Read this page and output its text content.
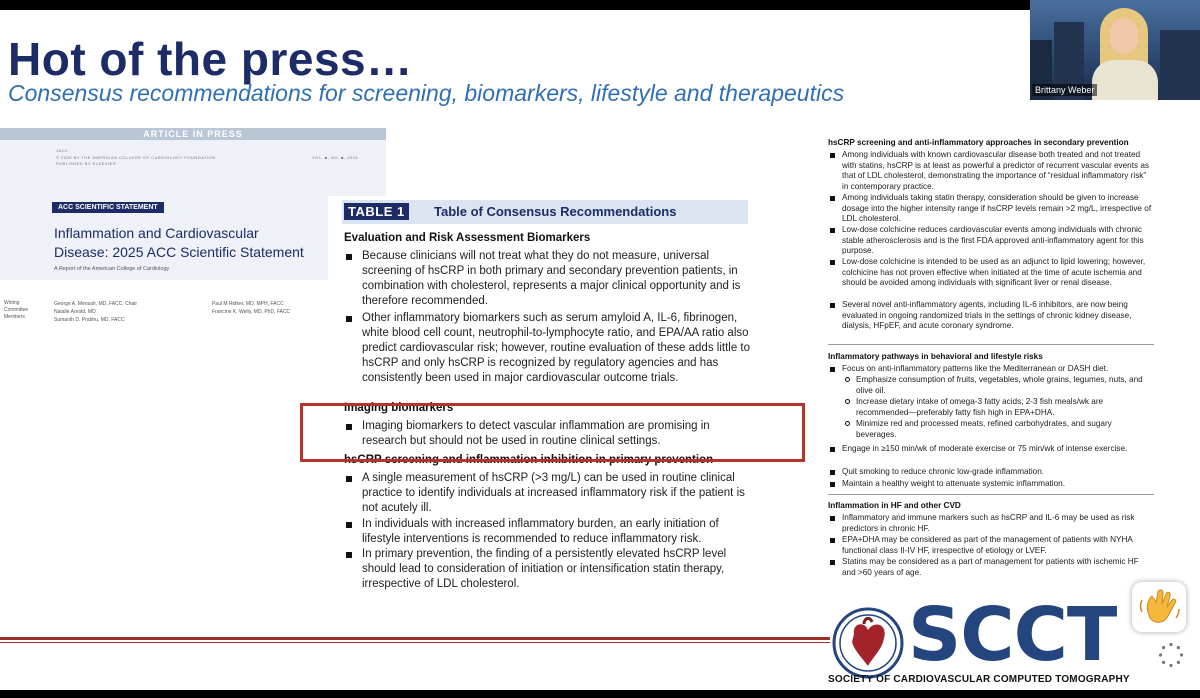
Hot of the press…
Consensus recommendations for screening, biomarkers, lifestyle and therapeutics
ARTICLE IN PRESS
JACC
© 2025 BY THE AMERICAN COLLEGE OF CARDIOLOGY FOUNDATION
PUBLISHED BY ELSEVIER
VOL. ■, NO. ■, 2025
ACC SCIENTIFIC STATEMENT
Inflammation and Cardiovascular
Disease: 2025 ACC Scientific Statement
A Report of the American College of Cardiology
Writing
Committee
Members
George A. Mensah, MD, FACC, Chair
Natalie Arnold, MD
Sumanth D. Prabhu, MD, FACC
Paul M Ridker, MD, MPH, FACC
Francine K. Welty, MD, PhD, FACC
TABLE 1	Table of Consensus Recommendations
Evaluation and Risk Assessment Biomarkers
Because clinicians will not treat what they do not measure, universal screening of hsCRP in both primary and secondary prevention patients, in combination with cholesterol, represents a major clinical opportunity and is therefore recommended.
Other inflammatory biomarkers such as serum amyloid A, IL-6, fibrinogen, white blood cell count, neutrophil-to-lymphocyte ratio, and EPA/AA ratio also predict cardiovascular risk; however, routine evaluation of these adds little to hsCRP and only hsCRP is recognized by regulatory agencies and has consistently been used in major cardiovascular outcome trials.
Imaging biomarkers
Imaging biomarkers to detect vascular inflammation are promising in research but should not be used in routine clinical settings.
hsCRP screening and inflammation inhibition in primary prevention
A single measurement of hsCRP (>3 mg/L) can be used in routine clinical practice to identify individuals at increased inflammatory risk if the patient is not acutely ill.
In individuals with increased inflammatory burden, an early initiation of lifestyle interventions is recommended to reduce inflammatory risk.
In primary prevention, the finding of a persistently elevated hsCRP level should lead to consideration of initiation or intensification statin therapy, irrespective of LDL cholesterol.
hsCRP screening and anti-inflammatory approaches in secondary prevention
Among individuals with known cardiovascular disease both treated and not treated with statins, hsCRP is at least as powerful a predictor of recurrent vascular events as that of LDL cholesterol, demonstrating the importance of “residual inflammatory risk” in contemporary practice.
Among individuals taking statin therapy, consideration should be given to increase dosage into the higher intensity range if hsCRP levels remain >2 mg/L, irrespective of LDL cholesterol.
Low-dose colchicine reduces cardiovascular events among individuals with chronic stable atherosclerosis and is the first FDA approved anti-inflammatory agent for this purpose.
Low-dose colchicine is intended to be used as an adjunct to lipid lowering; however, colchicine has not proven effective when initiated at the time of acute ischemia and should be avoided among individuals with significant liver or renal disease.
Several novel anti-inflammatory agents, including IL-6 inhibitors, are now being evaluated in ongoing randomized trials in the settings of chronic kidney disease, dialysis, HFpEF, and acute coronary syndrome.
Inflammatory pathways in behavioral and lifestyle risks
Focus on anti-inflammatory patterns like the Mediterranean or DASH diet.
Emphasize consumption of fruits, vegetables, whole grains, legumes, nuts, and olive oil.
Increase dietary intake of omega-3 fatty acids; 2-3 fish meals/wk are recommended—preferably fatty fish high in EPA+DHA.
Minimize red and processed meats, refined carbohydrates, and sugary beverages.
Engage in ≥150 min/wk of moderate exercise or 75 min/wk of intense exercise.
Quit smoking to reduce chronic low-grade inflammation.
Maintain a healthy weight to attenuate systemic inflammation.
Inflammation in HF and other CVD
Inflammatory and immune markers such as hsCRP and IL-6 may be used as risk predictors in chronic HF.
EPA+DHA may be considered as part of the management of patients with NYHA functional class II-IV HF, irrespective of etiology or LVEF.
Statins may be considered as a part of management for patients with ischemic HF and >60 years of age.
SCCT
SOCIETY OF CARDIOVASCULAR COMPUTED TOMOGRAPHY
Brittany Weber
